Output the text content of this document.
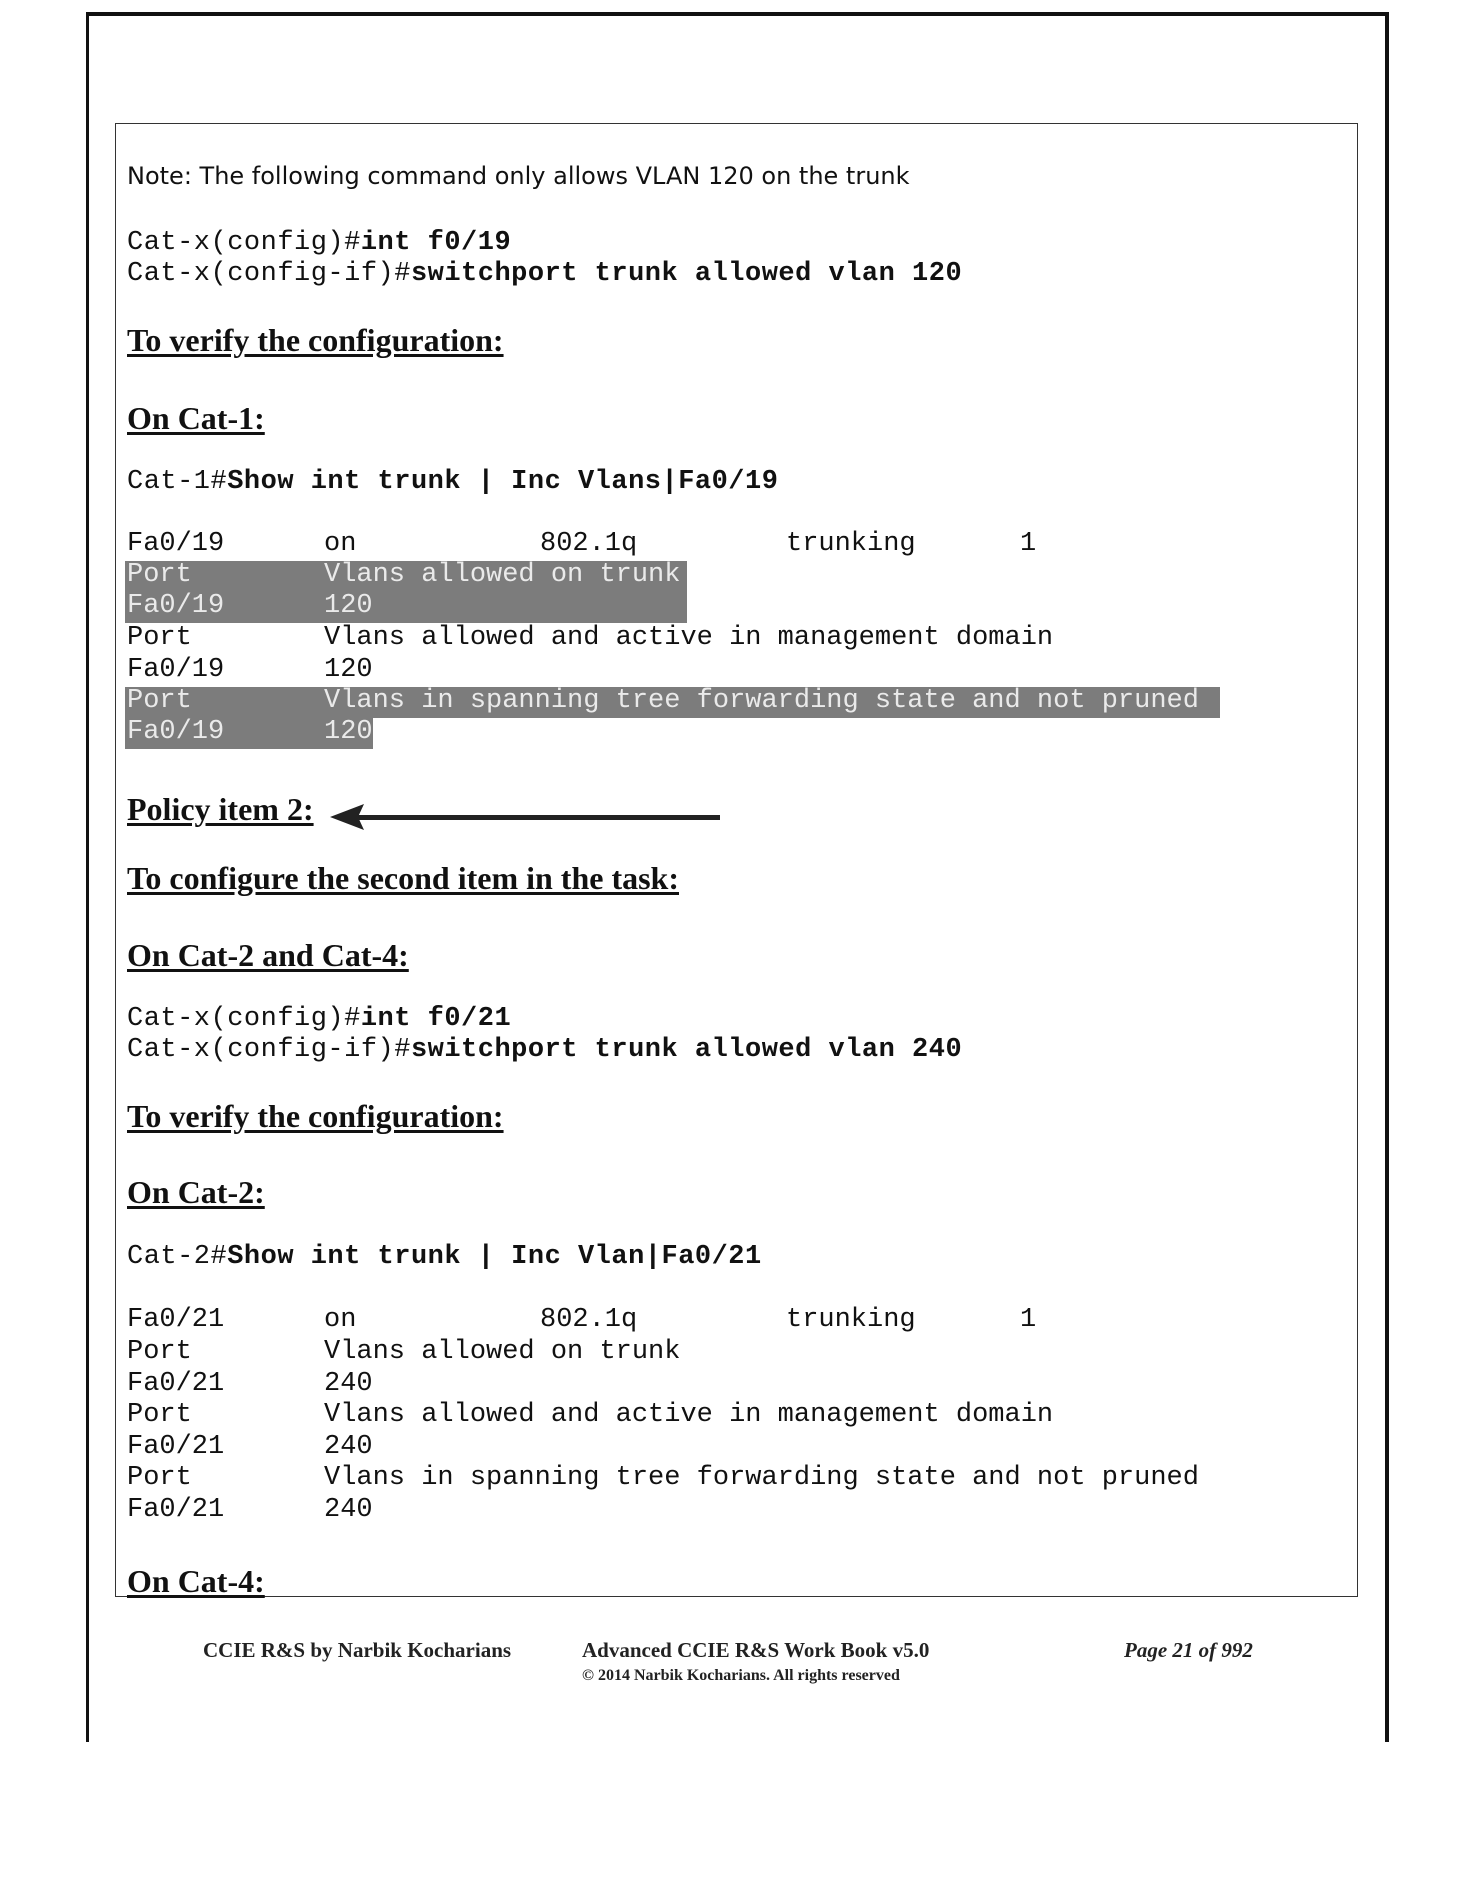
Note: The following command only allows VLAN 120 on the trunk
Cat-x(config)#int f0/19
Cat-x(config-if)#switchport trunk allowed vlan 120
To verify the configuration:
On Cat-1:
Cat-1#Show int trunk | Inc Vlans|Fa0/19
Fa0/19	on	802.1q	trunking	1
Port	Vlans allowed on trunk
Fa0/19	120
Port	Vlans allowed and active in management domain
Fa0/19	120
Port	Vlans in spanning tree forwarding state and not pruned
Fa0/19	120
Policy item 2:
To configure the second item in the task:
On Cat-2 and Cat-4:
Cat-x(config)#int f0/21
Cat-x(config-if)#switchport trunk allowed vlan 240
To verify the configuration:
On Cat-2:
Cat-2#Show int trunk | Inc Vlan|Fa0/21
Fa0/21	on	802.1q	trunking	1
Port	Vlans allowed on trunk
Fa0/21	240
Port	Vlans allowed and active in management domain
Fa0/21	240
Port	Vlans in spanning tree forwarding state and not pruned
Fa0/21	240
On Cat-4:
CCIE R&S by Narbik Kocharians	Advanced CCIE R&S Work Book v5.0
© 2014 Narbik Kocharians. All rights reserved
Page 21 of 992
